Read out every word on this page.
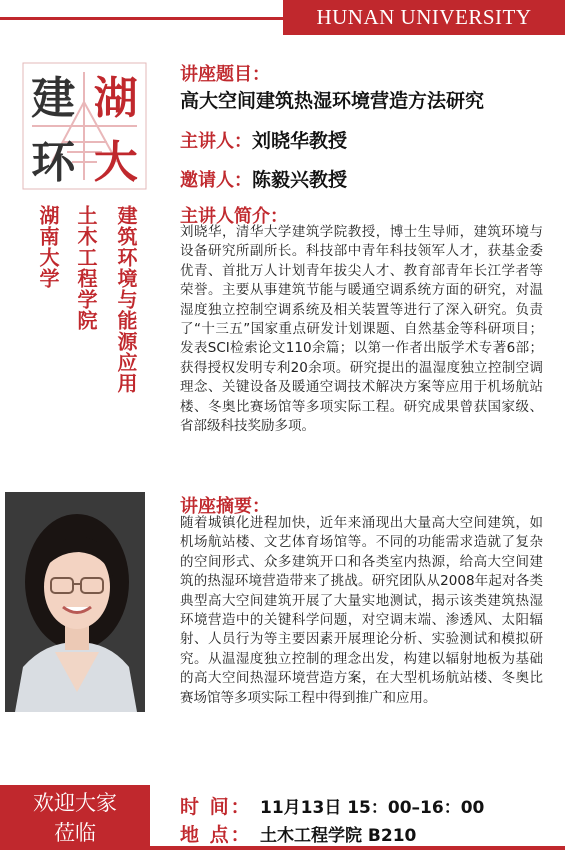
HUNAN UNIVERSITY
建 湖
环 大
建筑环境与能源应用
土木工程学院
湖南大学
讲座题目：
高大空间建筑热湿环境营造方法研究
主讲人： 刘晓华教授
邀请人： 陈毅兴教授
主讲人简介：
刘晓华，清华大学建筑学院教授，博士生导师，建筑环境与设备研究所副所长。科技部中青年科技领军人才，获基金委优青、首批万人计划青年拔尖人才、教育部青年长江学者等荣誉。主要从事建筑节能与暖通空调系统方面的研究，对温湿度独立控制空调系统及相关装置等进行了深入研究。负责了“十三五”国家重点研发计划课题、自然基金等科研项目；发表SCI检索论文110余篇；以第一作者出版学术专著6部；获得授权发明专利20余项。研究提出的温湿度独立控制空调理念、关键设备及暖通空调技术解决方案等应用于机场航站楼、冬奥比赛场馆等多项实际工程。研究成果曾获国家级、省部级科技奖励多项。
讲座摘要：
随着城镇化进程加快，近年来涌现出大量高大空间建筑，如机场航站楼、文艺体育场馆等。不同的功能需求造就了复杂的空间形式、众多建筑开口和各类室内热源，给高大空间建筑的热湿环境营造带来了挑战。研究团队从2008年起对各类典型高大空间建筑开展了大量实地测试，揭示该类建筑热湿环境营造中的关键科学问题，对空调末端、渗透风、太阳辐射、人员行为等主要因素开展理论分析、实验测试和模拟研究。从温湿度独立控制的理念出发，构建以辐射地板为基础的高大空间热湿环境营造方案，在大型机场航站楼、冬奥比赛场馆等多项实际工程中得到推广和应用。
欢迎大家
莅临
时 间： 11月13日 15：00–16：00
地 点： 土木工程学院 B210
